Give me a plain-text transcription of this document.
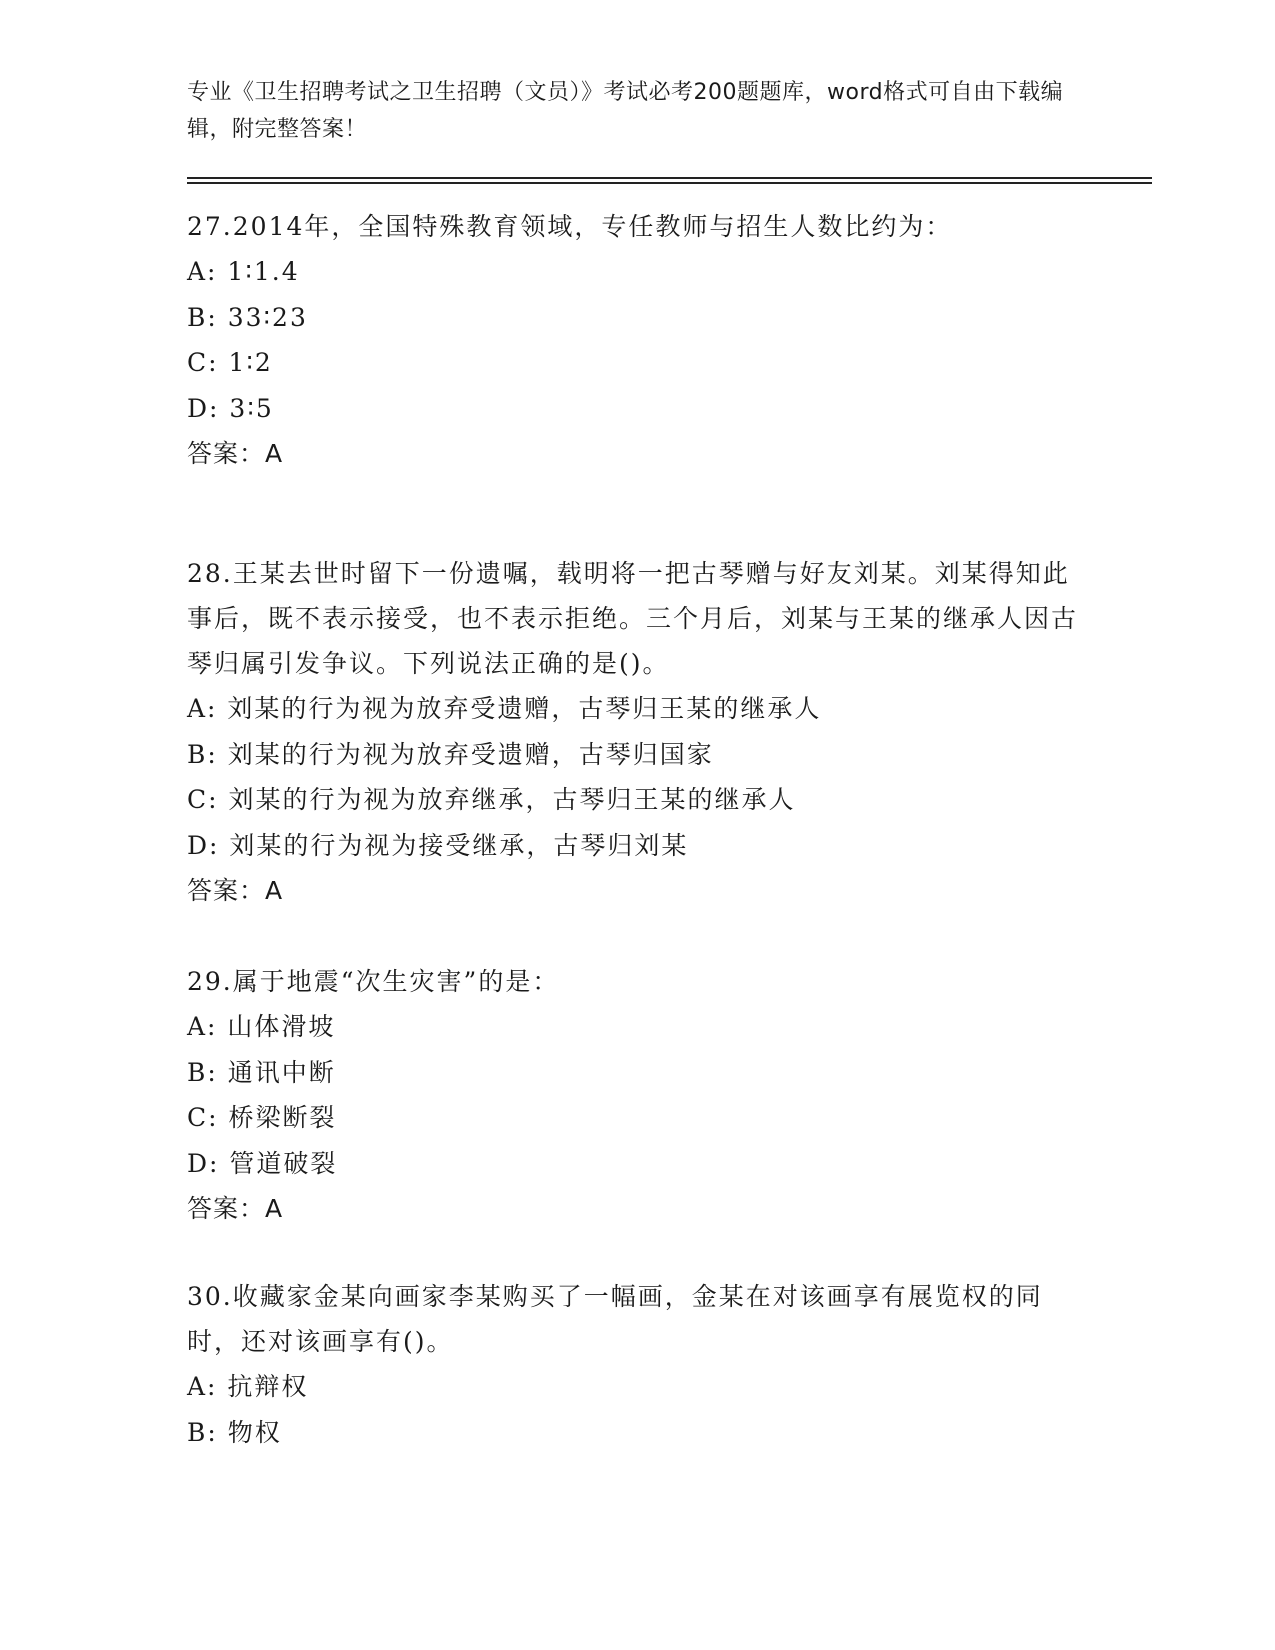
专业《卫生招聘考试之卫生招聘（文员）》考试必考200题题库，word格式可自由下载编辑，附完整答案！

27.2014年，全国特殊教育领域，专任教师与招生人数比约为：

A: 1∶1.4

B: 33∶23

C: 1∶2

D: 3∶5

答案：A

28.王某去世时留下一份遗嘱，载明将一把古琴赠与好友刘某。刘某得知此事后，既不表示接受，也不表示拒绝。三个月后，刘某与王某的继承人因古琴归属引发争议。下列说法正确的是()。

A: 刘某的行为视为放弃受遗赠，古琴归王某的继承人

B: 刘某的行为视为放弃受遗赠，古琴归国家

C: 刘某的行为视为放弃继承，古琴归王某的继承人

D: 刘某的行为视为接受继承，古琴归刘某

答案：A

29.属于地震“次生灾害”的是：

A: 山体滑坡

B: 通讯中断

C: 桥梁断裂

D: 管道破裂

答案：A

30.收藏家金某向画家李某购买了一幅画，金某在对该画享有展览权的同时，还对该画享有()。

A: 抗辩权

B: 物权
